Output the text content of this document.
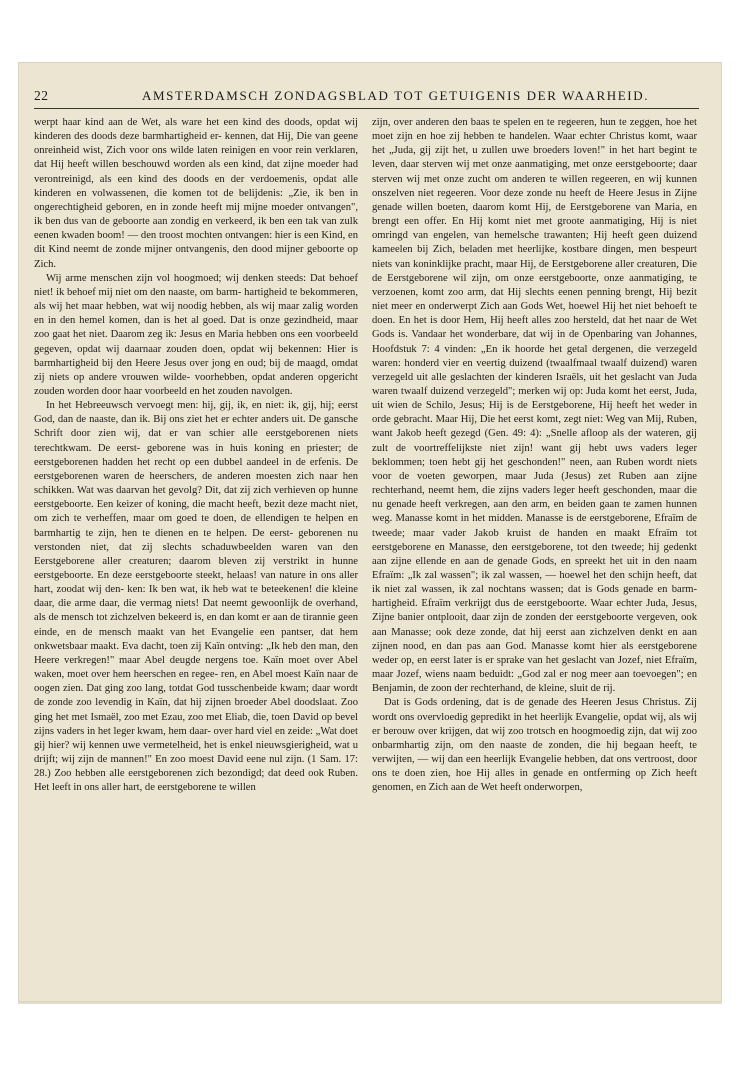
22	AMSTERDAMSCH ZONDAGSBLAD TOT GETUIGENIS DER WAARHEID.

werpt haar kind aan de Wet, als ware het een kind des doods, opdat wij kinderen des doods deze barmhartigheid er- kennen, dat Hij, Die van geene onreinheid wist, Zich voor ons wilde laten reinigen en voor rein verklaren, dat Hij heeft willen beschouwd worden als een kind, dat zijne moeder had verontreinigd, als een kind des doods en der verdoemenis, opdat alle kinderen en volwassenen, die komen tot de belijdenis: „Zie, ik ben in ongerechtigheid geboren, en in zonde heeft mij mijne moeder ontvangen", ik ben dus van de geboorte aan zondig en verkeerd, ik ben een tak van zulk eenen kwaden boom! — den troost mochten ontvangen: hier is een Kind, en dit Kind neemt de zonde mijner ontvangenis, den dood mijner geboorte op Zich.

Wij arme menschen zijn vol hoogmoed; wij denken steeds: Dat behoef niet! ik behoef mij niet om den naaste, om barm- hartigheid te bekommeren, als wij het maar hebben, wat wij noodig hebben, als wij maar zalig worden en in den hemel komen, dan is het al goed. Dat is onze gezindheid, maar zoo gaat het niet. Daarom zeg ik: Jesus en Maria hebben ons een voorbeeld gegeven, opdat wij daarnaar zouden doen, opdat wij bekennen: Hier is barmhartigheid bij den Heere Jesus over jong en oud; bij de maagd, omdat zij niets op andere vrouwen wilde- voorhebben, opdat anderen opgericht zouden worden door haar voorbeeld en het zouden navolgen.

In het Hebreeuwsch vervoegt men: hij, gij, ik, en niet: ik, gij, hij; eerst God, dan de naaste, dan ik. Bij ons ziet het er echter anders uit. De gansche Schrift door zien wij, dat er van schier alle eerstgeborenen niets terechtkwam. De eerst- geborene was in huis koning en priester; de eerstgeborenen hadden het recht op een dubbel aandeel in de erfenis. De eerstgeborenen waren de heerschers, de anderen moesten zich naar hen schikken. Wat was daarvan het gevolg? Dit, dat zij zich verhieven op hunne eerstgeboorte. Een keizer of koning, die macht heeft, bezit deze macht niet, om zich te verheffen, maar om goed te doen, de ellendigen te helpen en barmhartig te zijn, hen te dienen en te helpen. De eerst- geborenen nu verstonden niet, dat zij slechts schaduwbeelden waren van den Eerstgeborene aller creaturen; daarom bleven zij verstrikt in hunne eerstgeboorte. En deze eerstgeboorte steekt, helaas! van nature in ons aller hart, zoodat wij den- ken: Ik ben wat, ik heb wat te beteekenen! die kleine daar, die arme daar, die vermag niets! Dat neemt gewoonlijk de overhand, als de mensch tot zichzelven bekeerd is, en dan komt er aan de tirannie geen einde, en de mensch maakt van het Evangelie een pantser, dat hem onkwetsbaar maakt. Eva dacht, toen zij Kaïn ontving: „Ik heb den man, den Heere verkregen!" maar Abel deugde nergens toe. Kaïn moet over Abel waken, moet over hem heerschen en regee- ren, en Abel moest Kaïn naar de oogen zien. Dat ging zoo lang, totdat God tusschenbeide kwam; daar wordt de zonde zoo levendig in Kaïn, dat hij zijnen broeder Abel doodslaat. Zoo ging het met Ismaël, zoo met Ezau, zoo met Eliab, die, toen David op bevel zijns vaders in het leger kwam, hem daar- over hard viel en zeide: „Wat doet gij hier? wij kennen uwe vermetelheid, het is enkel nieuwsgierigheid, wat u drijft; wij zijn de mannen!" En zoo moest David eene nul zijn. (1 Sam. 17: 28.) Zoo hebben alle eerstgeborenen zich bezondigd; dat deed ook Ruben. Het leeft in ons aller hart, de eerstgeborene te willen

zijn, over anderen den baas te spelen en te regeeren, hun te zeggen, hoe het moet zijn en hoe zij hebben te handelen. Waar echter Christus komt, waar het „Juda, gij zijt het, u zullen uwe broeders loven!" in het hart begint te leven, daar sterven wij met onze aanmatiging, met onze eerstgeboorte; daar sterven wij met onze zucht om anderen te willen regeeren, en wij kunnen onszelven niet regeeren. Voor deze zonde nu heeft de Heere Jesus in Zijne genade willen boeten, daarom komt Hij, de Eerstgeborene van Maria, en brengt een offer. En Hij komt niet met groote aanmatiging, Hij is niet omringd van engelen, van hemelsche trawanten; Hij heeft geen duizend kameelen bij Zich, beladen met heerlijke, kostbare dingen, men bespeurt niets van koninklijke pracht, maar Hij, de Eerstgeborene aller creaturen, Die de Eerstgeborene wil zijn, om onze eerstgeboorte, onze aanmatiging, te verzoenen, komt zoo arm, dat Hij slechts eenen penning brengt, Hij bezit niet meer en onderwerpt Zich aan Gods Wet, hoewel Hij het niet behoeft te doen. En het is door Hem, Hij heeft alles zoo hersteld, dat het naar de Wet Gods is. Vandaar het wonderbare, dat wij in de Openbaring van Johannes, Hoofdstuk 7: 4 vinden: „En ik hoorde het getal dergenen, die verzegeld waren: honderd vier en veertig duizend (twaalfmaal twaalf duizend) waren verzegeld uit alle geslachten der kinderen Israëls, uit het geslacht van Juda waren twaalf duizend verzegeld"; merken wij op: Juda komt het eerst, Juda, uit wien de Schilo, Jesus; Hij is de Eerstgeborene, Hij heeft het weder in orde gebracht. Maar Hij, Die het eerst komt, zegt niet: Weg van Mij, Ruben, want Jakob heeft gezegd (Gen. 49: 4): „Snelle afloop als der wateren, gij zult de voortreffelijkste niet zijn! want gij hebt uws vaders leger beklommen; toen hebt gij het geschonden!" neen, aan Ruben wordt niets voor de voeten geworpen, maar Juda (Jesus) zet Ruben aan zijne rechterhand, neemt hem, die zijns vaders leger heeft geschonden, maar die nu genade heeft verkregen, aan den arm, en beiden gaan te zamen hunnen weg. Manasse komt in het midden. Manasse is de eerstgeborene, Efraïm de tweede; maar vader Jakob kruist de handen en maakt Efraïm tot eerstgeborene en Manasse, den eerstgeborene, tot den tweede; hij gedenkt aan zijne ellende en aan de genade Gods, en spreekt het uit in den naam Efraïm: „Ik zal wassen"; ik zal wassen, — hoewel het den schijn heeft, dat ik niet zal wassen, ik zal nochtans wassen; dat is Gods genade en barm- hartigheid. Efraïm verkrijgt dus de eerstgeboorte. Waar echter Juda, Jesus, Zijne banier ontplooit, daar zijn de zonden der eerstgeboorte vergeven, ook aan Manasse; ook deze zonde, dat hij eerst aan zichzelven denkt en aan zijnen nood, en dan pas aan God. Manasse komt hier als eerstgeborene weder op, en eerst later is er sprake van het geslacht van Jozef, niet Efraïm, maar Jozef, wiens naam beduidt: „God zal er nog meer aan toevoegen"; en Benjamin, de zoon der rechterhand, de kleine, sluit de rij.

Dat is Gods ordening, dat is de genade des Heeren Jesus Christus. Zij wordt ons overvloedig gepredikt in het heerlijk Evangelie, opdat wij, als wij er berouw over krijgen, dat wij zoo trotsch en hoogmoedig zijn, dat wij zoo onbarmhartig zijn, om den naaste de zonden, die hij begaan heeft, te verwijten, — wij dan een heerlijk Evangelie hebben, dat ons vertroost, door ons te doen zien, hoe Hij alles in genade en ontferming op Zich heeft genomen, en Zich aan de Wet heeft onderworpen,
